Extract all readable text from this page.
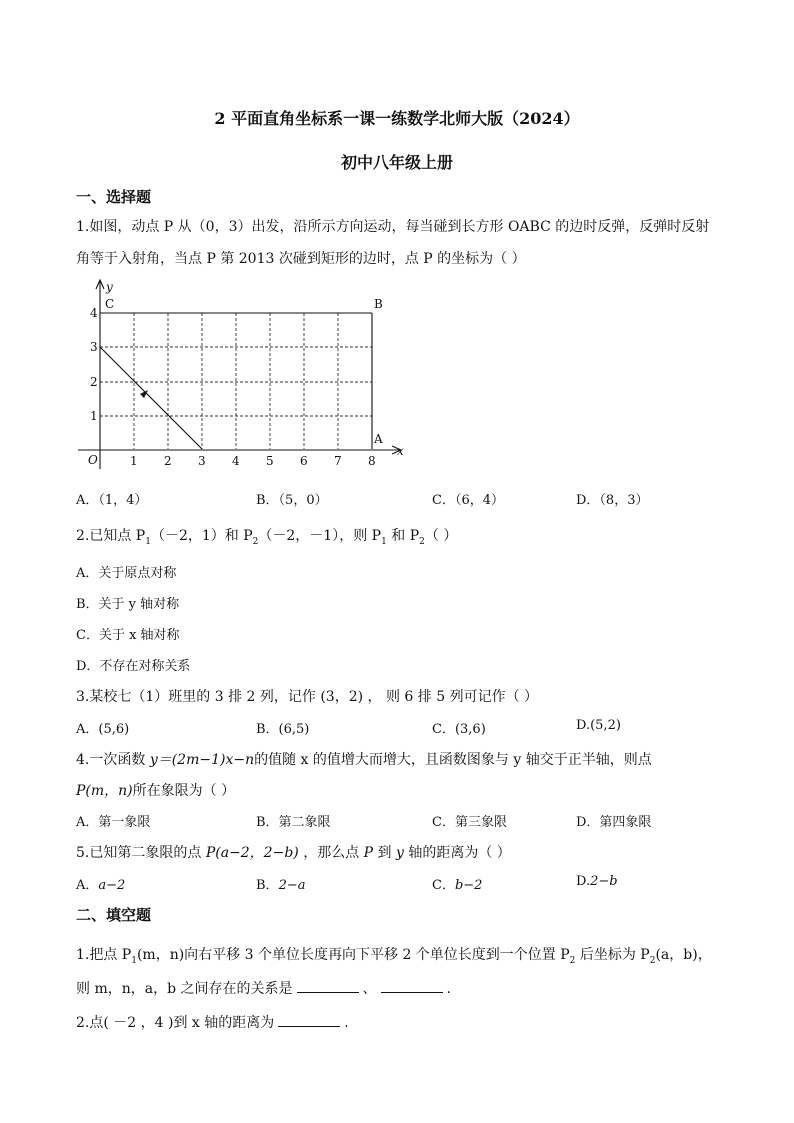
2 平面直角坐标系一课一练数学北师大版（2024）
初中八年级上册
一、选择题
1.如图，动点 P 从（0，3）出发，沿所示方向运动，每当碰到长方形 OABC 的边时反弹，反弹时反射
角等于入射角，当点 P 第 2013 次碰到矩形的边时，点 P 的坐标为（ ）
1 2 3 4 5 6 7 8
1
2
3
4
O
y
x
C	B
A
A．（1，4）	B．（5，0）	C．（6，4）	D．（8，3）
2.已知点 $P_1(-2$，1）和 $P_2(-2$，－1），则 $P_1$ 和 $P_2$（ ）
A．关于原点对称
B．关于 y 轴对称
C．关于 x 轴对称
D．不存在对称关系
3.某校七（1）班里的 3 排 2 列，记作 (3，2) ， 则 6 排 5 列可记作（ ）
A．(5,6)	B．(6,5)	C．(3,6)	D.(5,2)
4.一次函数 y＝(2m−1)x−n的值随 x 的值增大而增大，且函数图象与 y 轴交于正半轴，则点
P(m，n)所在象限为（ ）
A．第一象限	B．第二象限	C．第三象限	D．第四象限
5.已知第二象限的点 P(a−2，2−b) ，那么点 P 到 y 轴的距离为（ ）
A．a−2	B．2−a	C．b−2	D.2−b
二、填空题
1.把点 $P_1(m$，n)向右平移 3 个单位长度再向下平移 2 个单位长度到一个位置 $P_2$ 后坐标为 $P_2(a$，b)，
则 m，n，a，b 之间存在的关系是	、	.
2.点( －2 ，4 )到 x 轴的距离为	.
